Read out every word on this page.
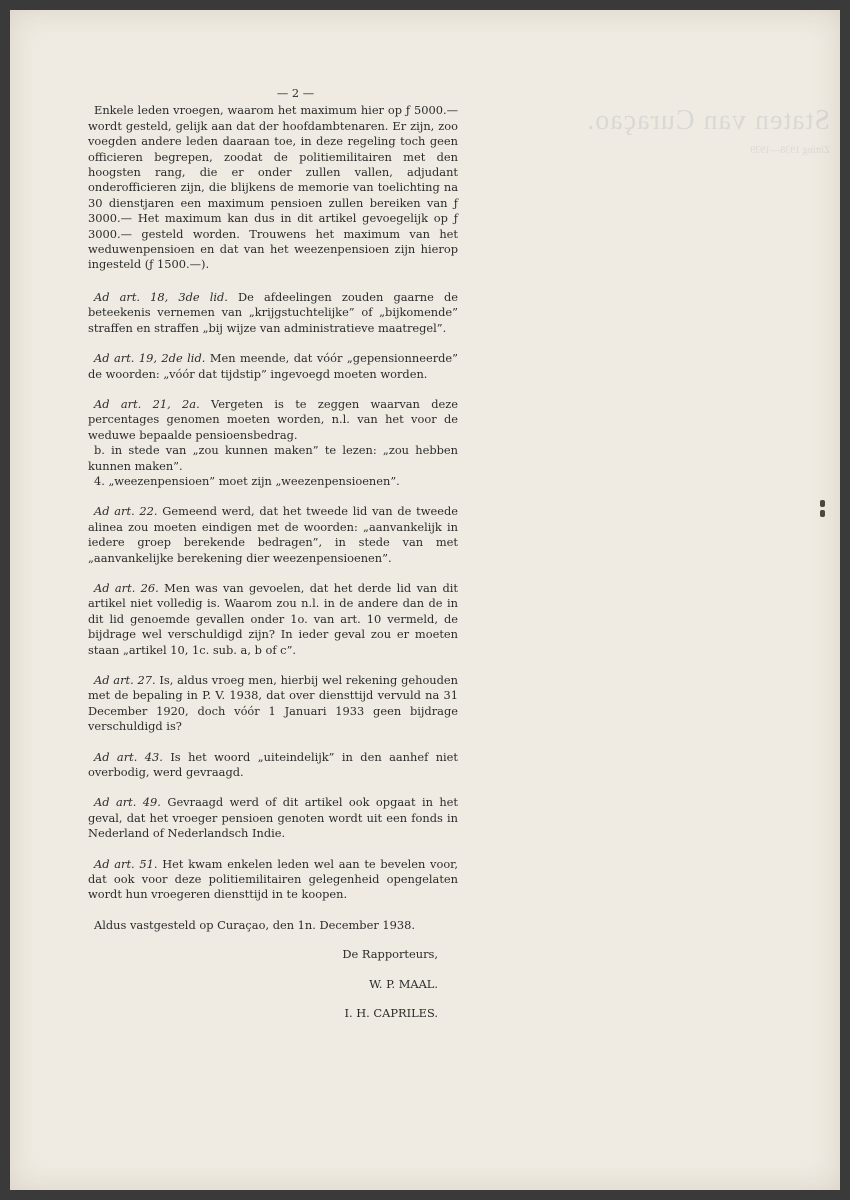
Staten van Curaçao.
Zitting 1938—1939
— 2 —

Enkele leden vroegen, waarom het maximum hier op ƒ 5000.— wordt gesteld, gelijk aan dat der hoofdambtenaren. Er zijn, zoo voegden andere leden daaraan toe, in deze regeling toch geen officieren begrepen, zoodat de politiemilitairen met den hoogsten rang, die er onder zullen vallen, adjudant onderofficieren zijn, die blijkens de memorie van toelichting na 30 dienstjaren een maximum pensioen zullen bereiken van ƒ 3000.— Het maximum kan dus in dit artikel gevoegelijk op ƒ 3000.— gesteld worden. Trouwens het maximum van het weduwenpensioen en dat van het weezenpensioen zijn hierop ingesteld (ƒ 1500.—).

Ad art. 18, 3de lid. De afdeelingen zouden gaarne de beteekenis vernemen van „krijgstuchtelijke” of „bijkomende” straffen en straffen „bij wijze van administratieve maatregel”.

Ad art. 19, 2de lid. Men meende, dat vóór „gepensionneerde” de woorden: „vóór dat tijdstip” ingevoegd moeten worden.

Ad art. 21, 2a. Vergeten is te zeggen waarvan deze percentages genomen moeten worden, n.l. van het voor de weduwe bepaalde pensioensbedrag.

b. in stede van „zou kunnen maken” te lezen: „zou hebben kunnen maken”.

4. „weezenpensioen” moet zijn „weezenpensioenen”.

Ad art. 22. Gemeend werd, dat het tweede lid van de tweede alinea zou moeten eindigen met de woorden: „aanvankelijk in iedere groep berekende bedragen”, in stede van met „aanvankelijke berekening dier weezenpensioenen”.

Ad art. 26. Men was van gevoelen, dat het derde lid van dit artikel niet volledig is. Waarom zou n.l. in de andere dan de in dit lid genoemde gevallen onder 1o. van art. 10 vermeld, de bijdrage wel verschuldigd zijn? In ieder geval zou er moeten staan „artikel 10, 1c. sub. a, b of c”.

Ad art. 27. Is, aldus vroeg men, hierbij wel rekening gehouden met de bepaling in P. V. 1938, dat over diensttijd vervuld na 31 December 1920, doch vóór 1 Januari 1933 geen bijdrage verschuldigd is?

Ad art. 43. Is het woord „uiteindelijk” in den aanhef niet overbodig, werd gevraagd.

Ad art. 49. Gevraagd werd of dit artikel ook opgaat in het geval, dat het vroeger pensioen genoten wordt uit een fonds in Nederland of Nederlandsch Indie.

Ad art. 51. Het kwam enkelen leden wel aan te bevelen voor, dat ook voor deze politiemilitairen gelegenheid opengelaten wordt hun vroegeren diensttijd in te koopen.

Aldus vastgesteld op Curaçao, den 1n. December 1938.

De Rapporteurs,
W. P. MAAL.
I. H. CAPRILES.
